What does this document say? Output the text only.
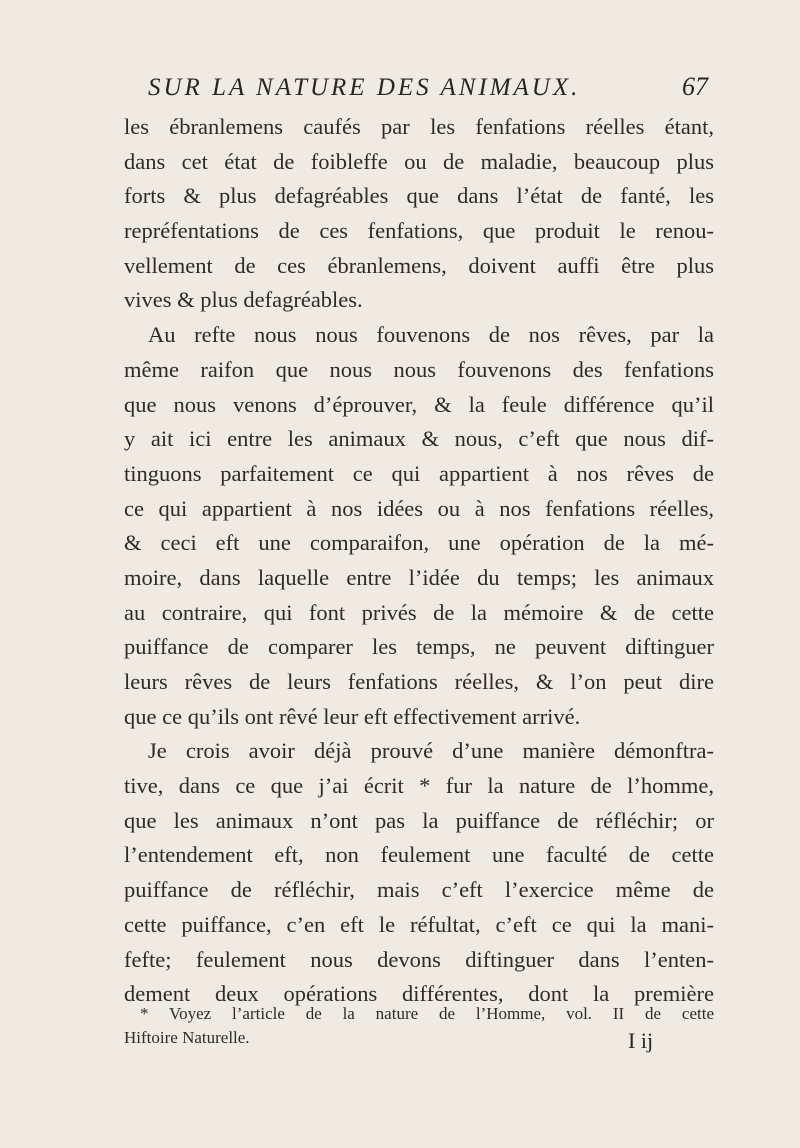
SUR LA NATURE DES ANIMAUX.	67
les ébranlemens caufés par les fenfations réelles étant,
dans cet état de foibleffe ou de maladie, beaucoup plus
forts & plus defagréables que dans l’état de fanté, les
repréfentations de ces fenfations, que produit le renou-
vellement de ces ébranlemens, doivent auffi être plus
vives & plus defagréables.
Au refte nous nous fouvenons de nos rêves, par la
même raifon que nous nous fouvenons des fenfations
que nous venons d’éprouver, & la feule différence qu’il
y ait ici entre les animaux & nous, c’eft que nous dif-
tinguons parfaitement ce qui appartient à nos rêves de
ce qui appartient à nos idées ou à nos fenfations réelles,
& ceci eft une comparaifon, une opération de la mé-
moire, dans laquelle entre l’idée du temps; les animaux
au contraire, qui font privés de la mémoire & de cette
puiffance de comparer les temps, ne peuvent diftinguer
leurs rêves de leurs fenfations réelles, & l’on peut dire
que ce qu’ils ont rêvé leur eft effectivement arrivé.
Je crois avoir déjà prouvé d’une manière démonftra-
tive, dans ce que j’ai écrit * fur la nature de l’homme,
que les animaux n’ont pas la puiffance de réfléchir; or
l’entendement eft, non feulement une faculté de cette
puiffance de réfléchir, mais c’eft l’exercice même de
cette puiffance, c’en eft le réfultat, c’eft ce qui la mani-
fefte; feulement nous devons diftinguer dans l’enten-
dement deux opérations différentes, dont la première
* Voyez l’article de la nature de l’Homme, vol. II de cette
Hiftoire Naturelle.	I ij
